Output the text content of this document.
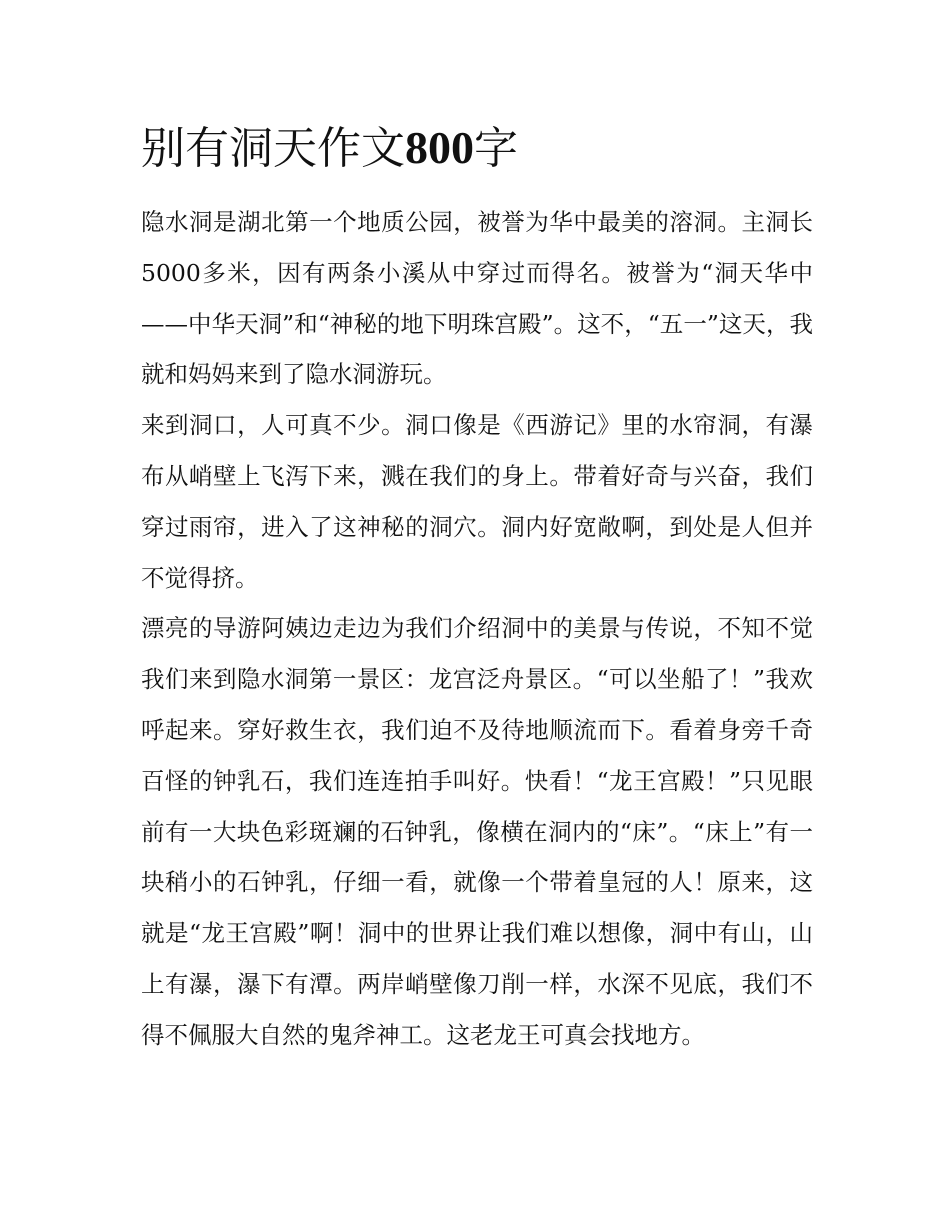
别有洞天作文800字

隐水洞是湖北第一个地质公园，被誉为华中最美的溶洞。主洞长5000多米，因有两条小溪从中穿过而得名。被誉为“洞天华中——中华天洞”和“神秘的地下明珠宫殿”。这不，“五一”这天，我就和妈妈来到了隐水洞游玩。

来到洞口，人可真不少。洞口像是《西游记》里的水帘洞，有瀑布从峭壁上飞泻下来，溅在我们的身上。带着好奇与兴奋，我们穿过雨帘，进入了这神秘的洞穴。洞内好宽敞啊，到处是人但并不觉得挤。

漂亮的导游阿姨边走边为我们介绍洞中的美景与传说，不知不觉我们来到隐水洞第一景区：龙宫泛舟景区。“可以坐船了！”我欢呼起来。穿好救生衣，我们迫不及待地顺流而下。看着身旁千奇百怪的钟乳石，我们连连拍手叫好。快看！“龙王宫殿！”只见眼前有一大块色彩斑斓的石钟乳，像横在洞内的“床”。“床上”有一块稍小的石钟乳，仔细一看，就像一个带着皇冠的人！原来，这就是“龙王宫殿”啊！洞中的世界让我们难以想像，洞中有山，山上有瀑，瀑下有潭。两岸峭壁像刀削一样，水深不见底，我们不得不佩服大自然的鬼斧神工。这老龙王可真会找地方。
